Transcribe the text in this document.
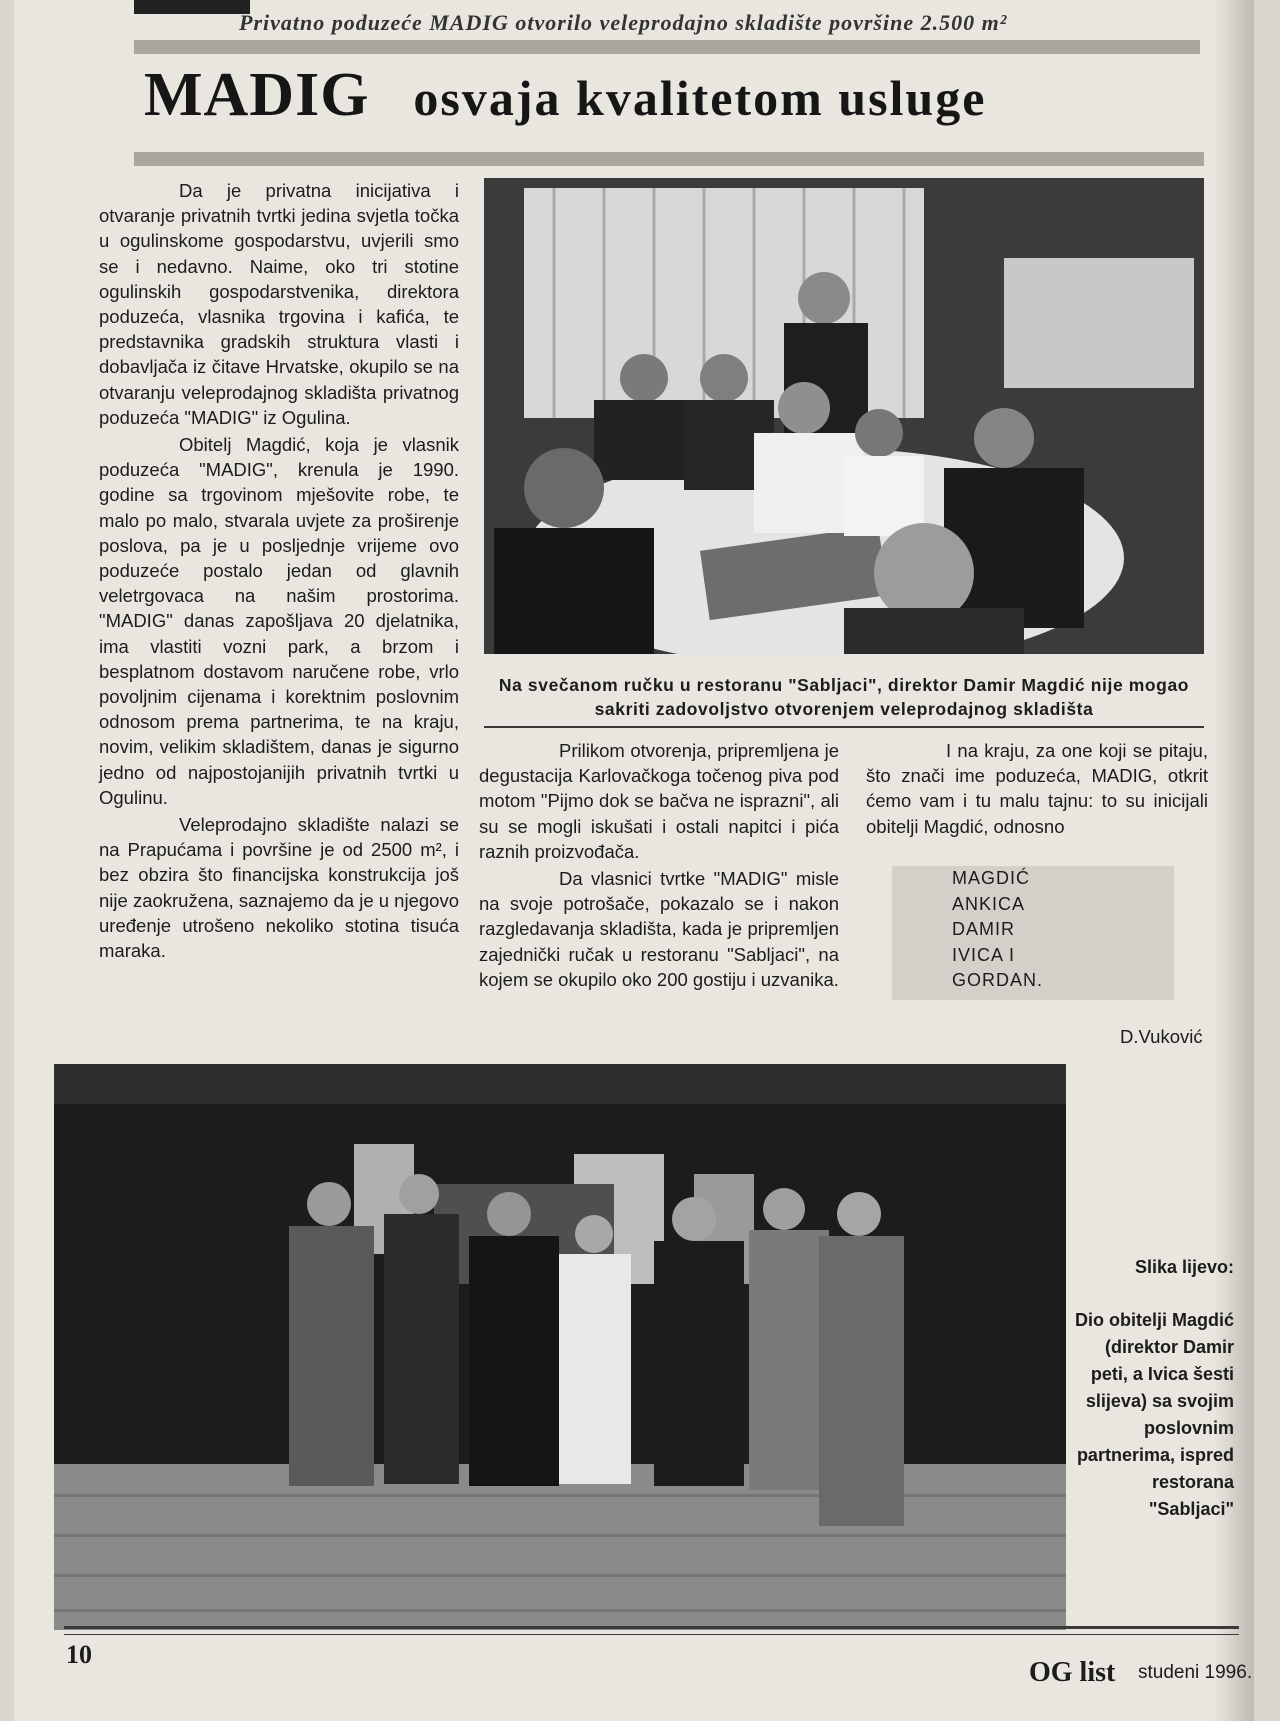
Privatno poduzeće MADIG otvorilo veleprodajno skladište površine 2.500 m²
MADIG osvaja kvalitetom usluge

Da je privatna inicijativa i otvaranje privatnih tvrtki jedina svjetla točka u ogulinskome gospodarstvu, uvjerili smo se i nedavno. Naime, oko tri stotine ogulinskih gospodarstvenika, direktora poduzeća, vlasnika trgovina i kafića, te predstavnika gradskih struktura vlasti i dobavljača iz čitave Hrvatske, okupilo se na otvaranju veleprodajnog skladišta privatnog poduzeća "MADIG" iz Ogulina.

Obitelj Magdić, koja je vlasnik poduzeća "MADIG", krenula je 1990. godine sa trgovinom mješovite robe, te malo po malo, stvarala uvjete za proširenje poslova, pa je u posljednje vrijeme ovo poduzeće postalo jedan od glavnih veletrgovaca na našim prostorima. "MADIG" danas zapošljava 20 djelatnika, ima vlastiti vozni park, a brzom i besplatnom dostavom naručene robe, vrlo povoljnim cijenama i korektnim poslovnim odnosom prema partnerima, te na kraju, novim, velikim skladištem, danas je sigurno jedno od najpostojanijih privatnih tvrtki u Ogulinu.

Veleprodajno skladište nalazi se na Prapućama i površine je od 2500 m², i bez obzira što financijska konstrukcija još nije zaokružena, saznajemo da je u njegovo uređenje utrošeno nekoliko stotina tisuća maraka.

Na svečanom ručku u restoranu "Sabljaci", direktor Damir Magdić nije mogao sakriti zadovoljstvo otvorenjem veleprodajnog skladišta

Prilikom otvorenja, pripremljena je degustacija Karlovačkoga točenog piva pod motom "Pijmo dok se bačva ne isprazni", ali su se mogli iskušati i ostali napitci i pića raznih proizvođača.

Da vlasnici tvrtke "MADIG" misle na svoje potrošače, pokazalo se i nakon razgledavanja skladišta, kada je pripremljen zajednički ručak u restoranu "Sabljaci", na kojem se okupilo oko 200 gostiju i uzvanika.

I na kraju, za one koji se pitaju, što znači ime poduzeća, MADIG, otkrit ćemo vam i tu malu tajnu: to su inicijali obitelji Magdić, odnosno

MAGDIĆ
ANKICA
DAMIR
IVICA I
GORDAN.
D.Vuković
Slika lijevo:
Dio obitelji Magdić (direktor Damir peti, a Ivica šesti slijeva) sa svojim poslovnim partnerima, ispred restorana "Sabljaci"
10
OG list studeni 1996.
